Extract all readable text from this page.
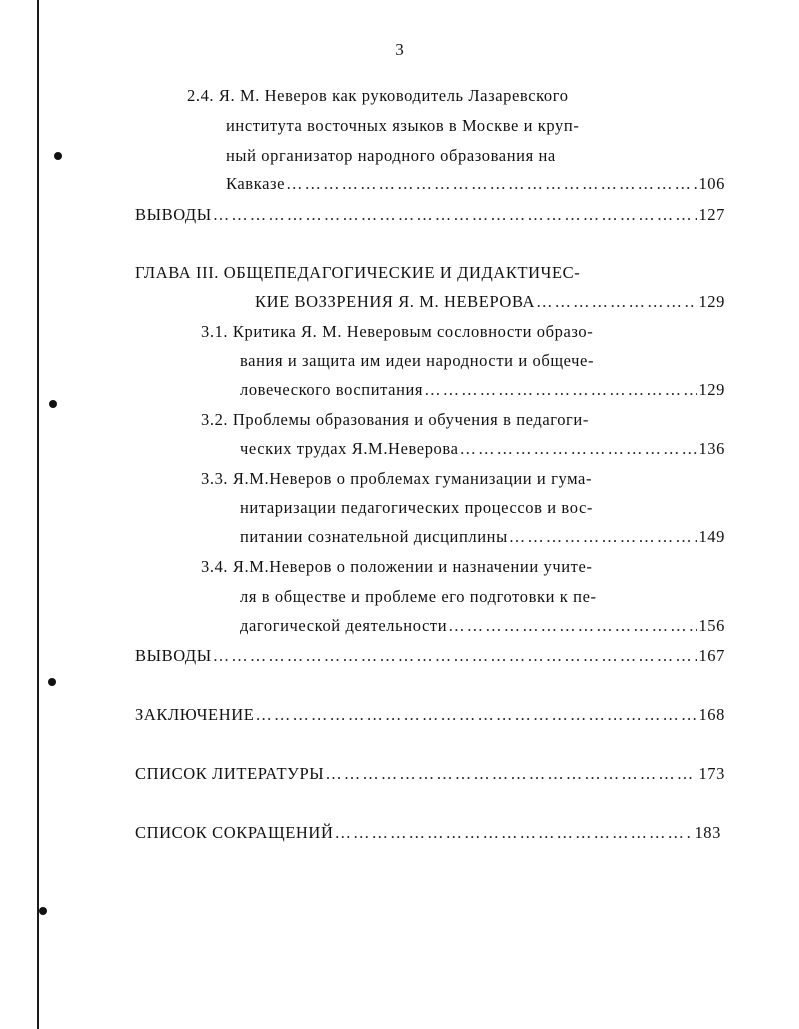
3
2.4. Я. М. Неверов как руководитель Лазаревского
института восточных языков в Москве и круп-
ный организатор народного образования на
Кавказе ………………………………………………………………………………………………………………………………………………………………………………	106
ВЫВОДЫ ………………………………………………………………………………………………………………………………………………………………………………	127
ГЛАВА III. ОБЩЕПЕДАГОГИЧЕСКИЕ И ДИДАКТИЧЕС-
КИЕ ВОЗЗРЕНИЯ Я. М. НЕВЕРОВА ………………………………………………………………………………………………………………………………………………………………………………	129
3.1. Критика Я. М. Неверовым сословности образо-
вания и защита им идеи народности и общече-
ловеческого воспитания ………………………………………………………………………………………………………………………………………………………………………………	129
3.2. Проблемы образования и обучения в педагоги-
ческих трудах Я.М.Неверова ………………………………………………………………………………………………………………………………………………………………………………	136
3.3. Я.М.Неверов о проблемах гуманизации и гума-
нитаризации педагогических процессов и вос-
питании сознательной дисциплины ………………………………………………………………………………………………………………………………………………………………………………	149
3.4. Я.М.Неверов о положении и назначении учите-
ля в обществе и проблеме его подготовки к пе-
дагогической деятельности ………………………………………………………………………………………………………………………………………………………………………………	156
ВЫВОДЫ ………………………………………………………………………………………………………………………………………………………………………………	167
ЗАКЛЮЧЕНИЕ ………………………………………………………………………………………………………………………………………………………………………………	168
СПИСОК ЛИТЕРАТУРЫ ………………………………………………………………………………………………………………………………………………………………………………	173
СПИСОК СОКРАЩЕНИЙ ………………………………………………………………………………………………………………………………………………………………………………	183
